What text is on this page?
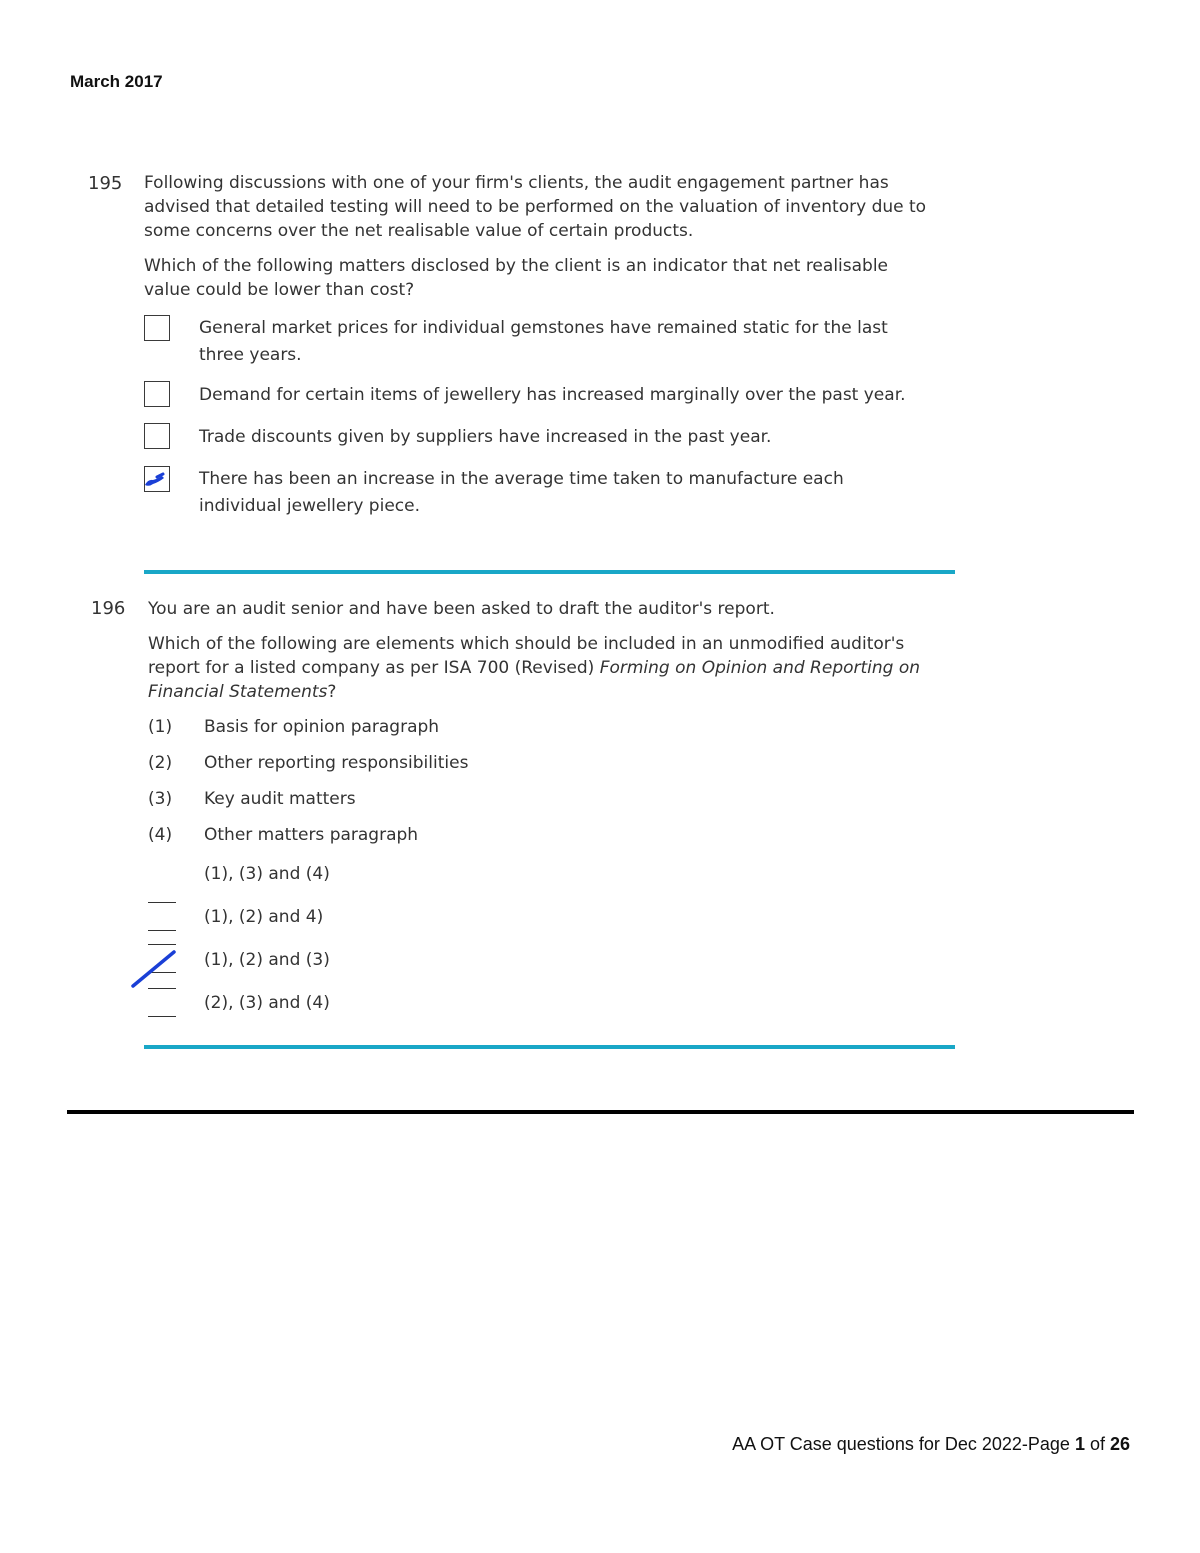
March 2017
195 Following discussions with one of your firm's clients, the audit engagement partner has
advised that detailed testing will need to be performed on the valuation of inventory due to
some concerns over the net realisable value of certain products.
Which of the following matters disclosed by the client is an indicator that net realisable
value could be lower than cost?
General market prices for individual gemstones have remained static for the last
three years.
Demand for certain items of jewellery has increased marginally over the past year.
Trade discounts given by suppliers have increased in the past year.
There has been an increase in the average time taken to manufacture each
individual jewellery piece.
196 You are an audit senior and have been asked to draft the auditor's report.
Which of the following are elements which should be included in an unmodified auditor's
report for a listed company as per ISA 700 (Revised) Forming on Opinion and Reporting on
Financial Statements?
(1) Basis for opinion paragraph
(2) Other reporting responsibilities
(3) Key audit matters
(4) Other matters paragraph
(1), (3) and (4)
(1), (2) and 4)
(1), (2) and (3)
(2), (3) and (4)
AA OT Case questions for Dec 2022-Page 1 of 26
